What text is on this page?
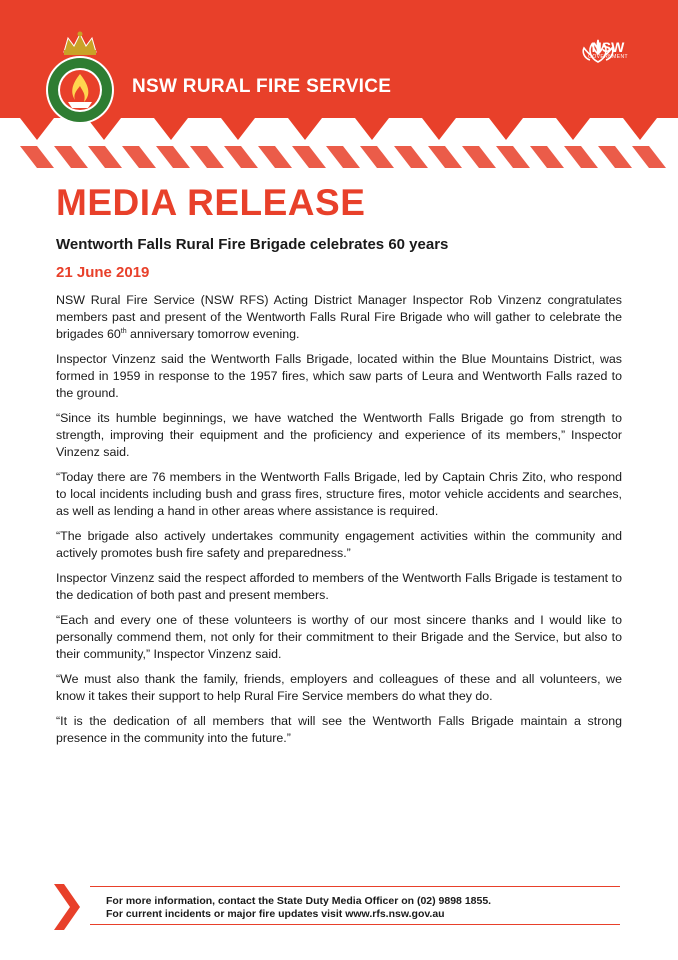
NSW RURAL FIRE SERVICE
NSW
GOVERNMENT
MEDIA RELEASE
Wentworth Falls Rural Fire Brigade celebrates 60 years
21 June 2019

NSW Rural Fire Service (NSW RFS) Acting District Manager Inspector Rob Vinzenz congratulates members past and present of the Wentworth Falls Rural Fire Brigade who will gather to celebrate the brigades 60th anniversary tomorrow evening.

Inspector Vinzenz said the Wentworth Falls Brigade, located within the Blue Mountains District, was formed in 1959 in response to the 1957 fires, which saw parts of Leura and Wentworth Falls razed to the ground.

“Since its humble beginnings, we have watched the Wentworth Falls Brigade go from strength to strength, improving their equipment and the proficiency and experience of its members,” Inspector Vinzenz said.

“Today there are 76 members in the Wentworth Falls Brigade, led by Captain Chris Zito, who respond to local incidents including bush and grass fires, structure fires, motor vehicle accidents and searches, as well as lending a hand in other areas where assistance is required.

“The brigade also actively undertakes community engagement activities within the community and actively promotes bush fire safety and preparedness.”

Inspector Vinzenz said the respect afforded to members of the Wentworth Falls Brigade is testament to the dedication of both past and present members.

“Each and every one of these volunteers is worthy of our most sincere thanks and I would like to personally commend them, not only for their commitment to their Brigade and the Service, but also to their community,” Inspector Vinzenz said.

“We must also thank the family, friends, employers and colleagues of these and all volunteers, we know it takes their support to help Rural Fire Service members do what they do.

“It is the dedication of all members that will see the Wentworth Falls Brigade maintain a strong presence in the community into the future.”

For more information, contact the State Duty Media Officer on (02) 9898 1855.
For current incidents or major fire updates visit www.rfs.nsw.gov.au
